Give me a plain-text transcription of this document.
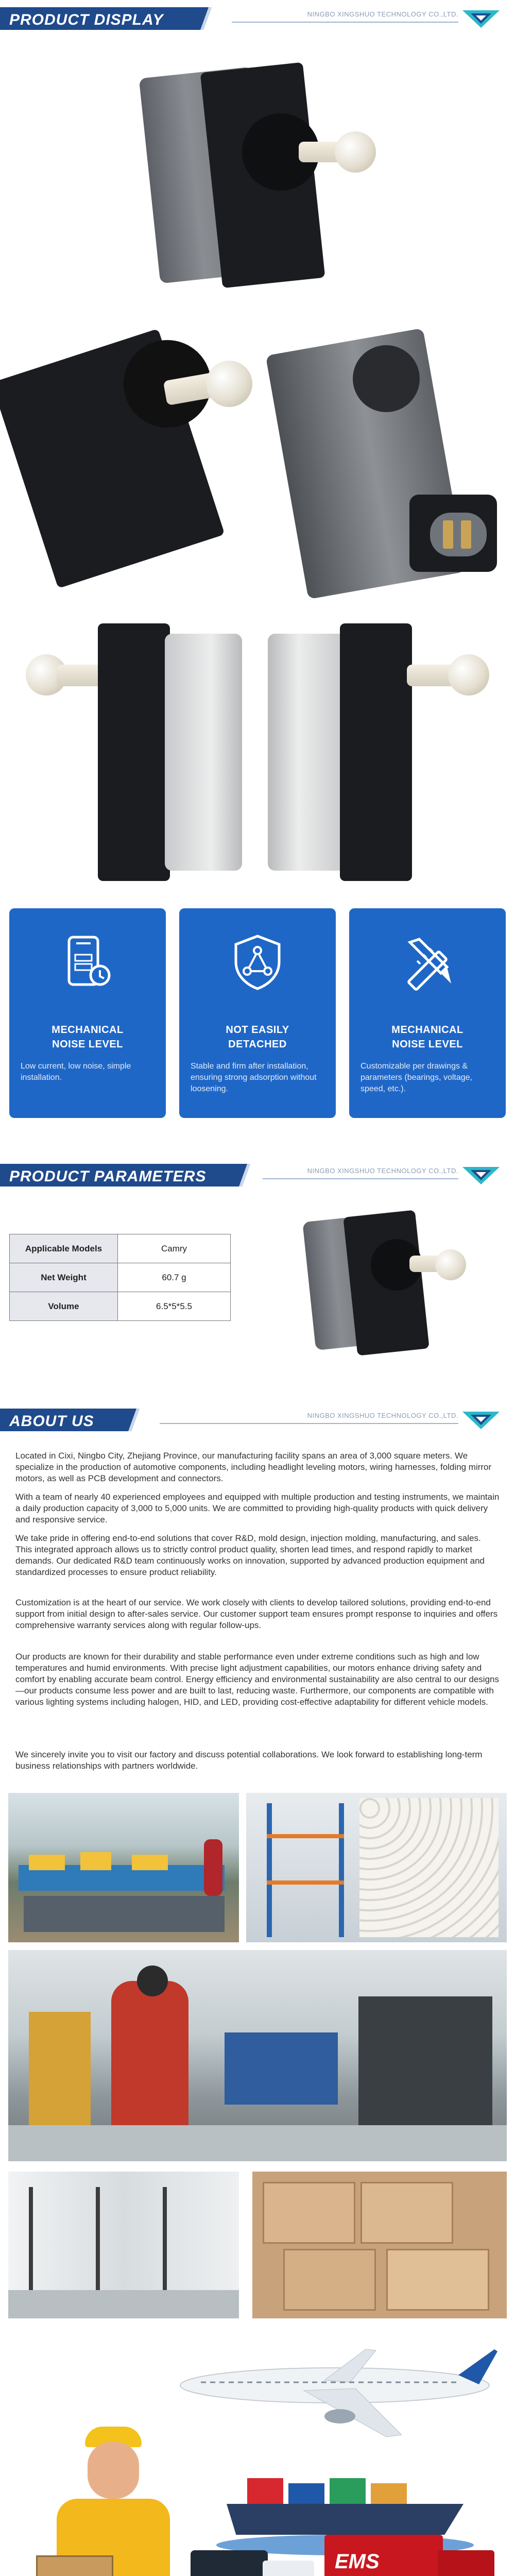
PRODUCT DISPLAY	NINGBO XINGSHUO TECHNOLOGY CO.,LTD.
MECHANICAL
NOISE LEVEL
Low current, low noise, simple installation.
NOT EASILY
DETACHED
Stable and firm after installation, ensuring strong adsorption without loosening.
MECHANICAL
NOISE LEVEL
Customizable per drawings & parameters (bearings, voltage, speed, etc.).
PRODUCT PARAMETERS	NINGBO XINGSHUO TECHNOLOGY CO.,LTD.
Applicable Models	Camry
Net Weight	60.7 g
Volume	6.5*5*5.5
ABOUT US	NINGBO XINGSHUO TECHNOLOGY CO.,LTD.

Located in Cixi, Ningbo City, Zhejiang Province, our manufacturing facility spans an area of 3,000 square meters. We specialize in the production of automotive components, including headlight leveling motors, wiring harnesses, folding mirror motors, as well as PCB development and connectors.

With a team of nearly 40 experienced employees and equipped with multiple production and testing instruments, we maintain a daily production capacity of 3,000 to 5,000 units. We are committed to providing high-quality products with quick delivery and responsive service.

We take pride in offering end-to-end solutions that cover R&D, mold design, injection molding, manufacturing, and sales. This integrated approach allows us to strictly control product quality, shorten lead times, and respond rapidly to market demands. Our dedicated R&D team continuously works on innovation, supported by advanced production equipment and standardized processes to ensure product reliability.

Customization is at the heart of our service. We work closely with clients to develop tailored solutions, providing end-to-end support from initial design to after-sales service. Our customer support team ensures prompt response to inquiries and offers comprehensive warranty services along with regular follow-ups.

Our products are known for their durability and stable performance even under extreme conditions such as high and low temperatures and humid environments. With precise light adjustment capabilities, our motors enhance driving safety and comfort by enabling accurate beam control. Energy efficiency and environmental sustainability are also central to our designs—our products consume less power and are built to last, reducing waste. Furthermore, our components are compatible with various lighting systems including halogen, HID, and LED, providing cost-effective adaptability for different vehicle models.

We sincerely invite you to visit our factory and discuss potential collaborations. We look forward to establishing long-term business relationships with partners worldwide.

EMS
